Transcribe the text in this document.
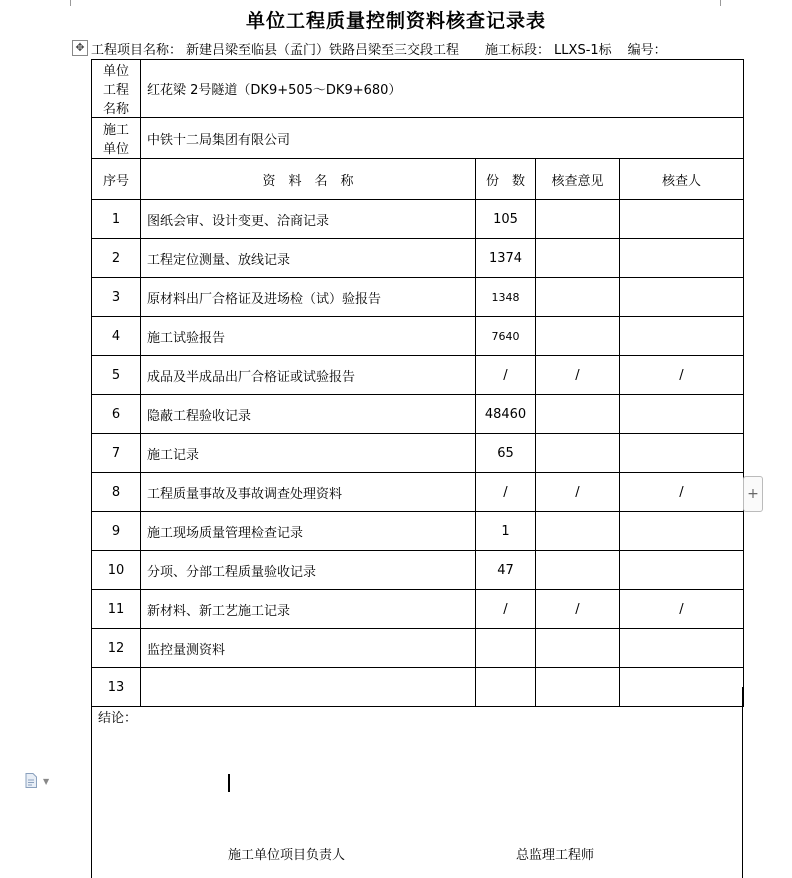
单位工程质量控制资料核查记录表
✥ 工程项目名称： 新建吕梁至临县（孟门）铁路吕梁至三交段工程 施工标段： LLXS-1标 编号：
单位工程名称	红花梁 2号隧道（DK9+505～DK9+680）			
施工单位	中铁十二局集团有限公司			
序号	资　料　名　称	份　数	核查意见	核查人
1	图纸会审、设计变更、洽商记录	105		
2	工程定位测量、放线记录	1374		
3	原材料出厂合格证及进场检（试）验报告	1348		
4	施工试验报告	7640		
5	成品及半成品出厂合格证或试验报告	/	/	/
6	隐蔽工程验收记录	48460		
7	施工记录	65		
8	工程质量事故及事故调查处理资料	/	/	/
9	施工现场质量管理检查记录	1		
10	分项、分部工程质量验收记录	47		
11	新材料、新工艺施工记录	/	/	/
12	监控量测资料			
13				
结论：
施工单位项目负责人	总监理工程师
+
▼
